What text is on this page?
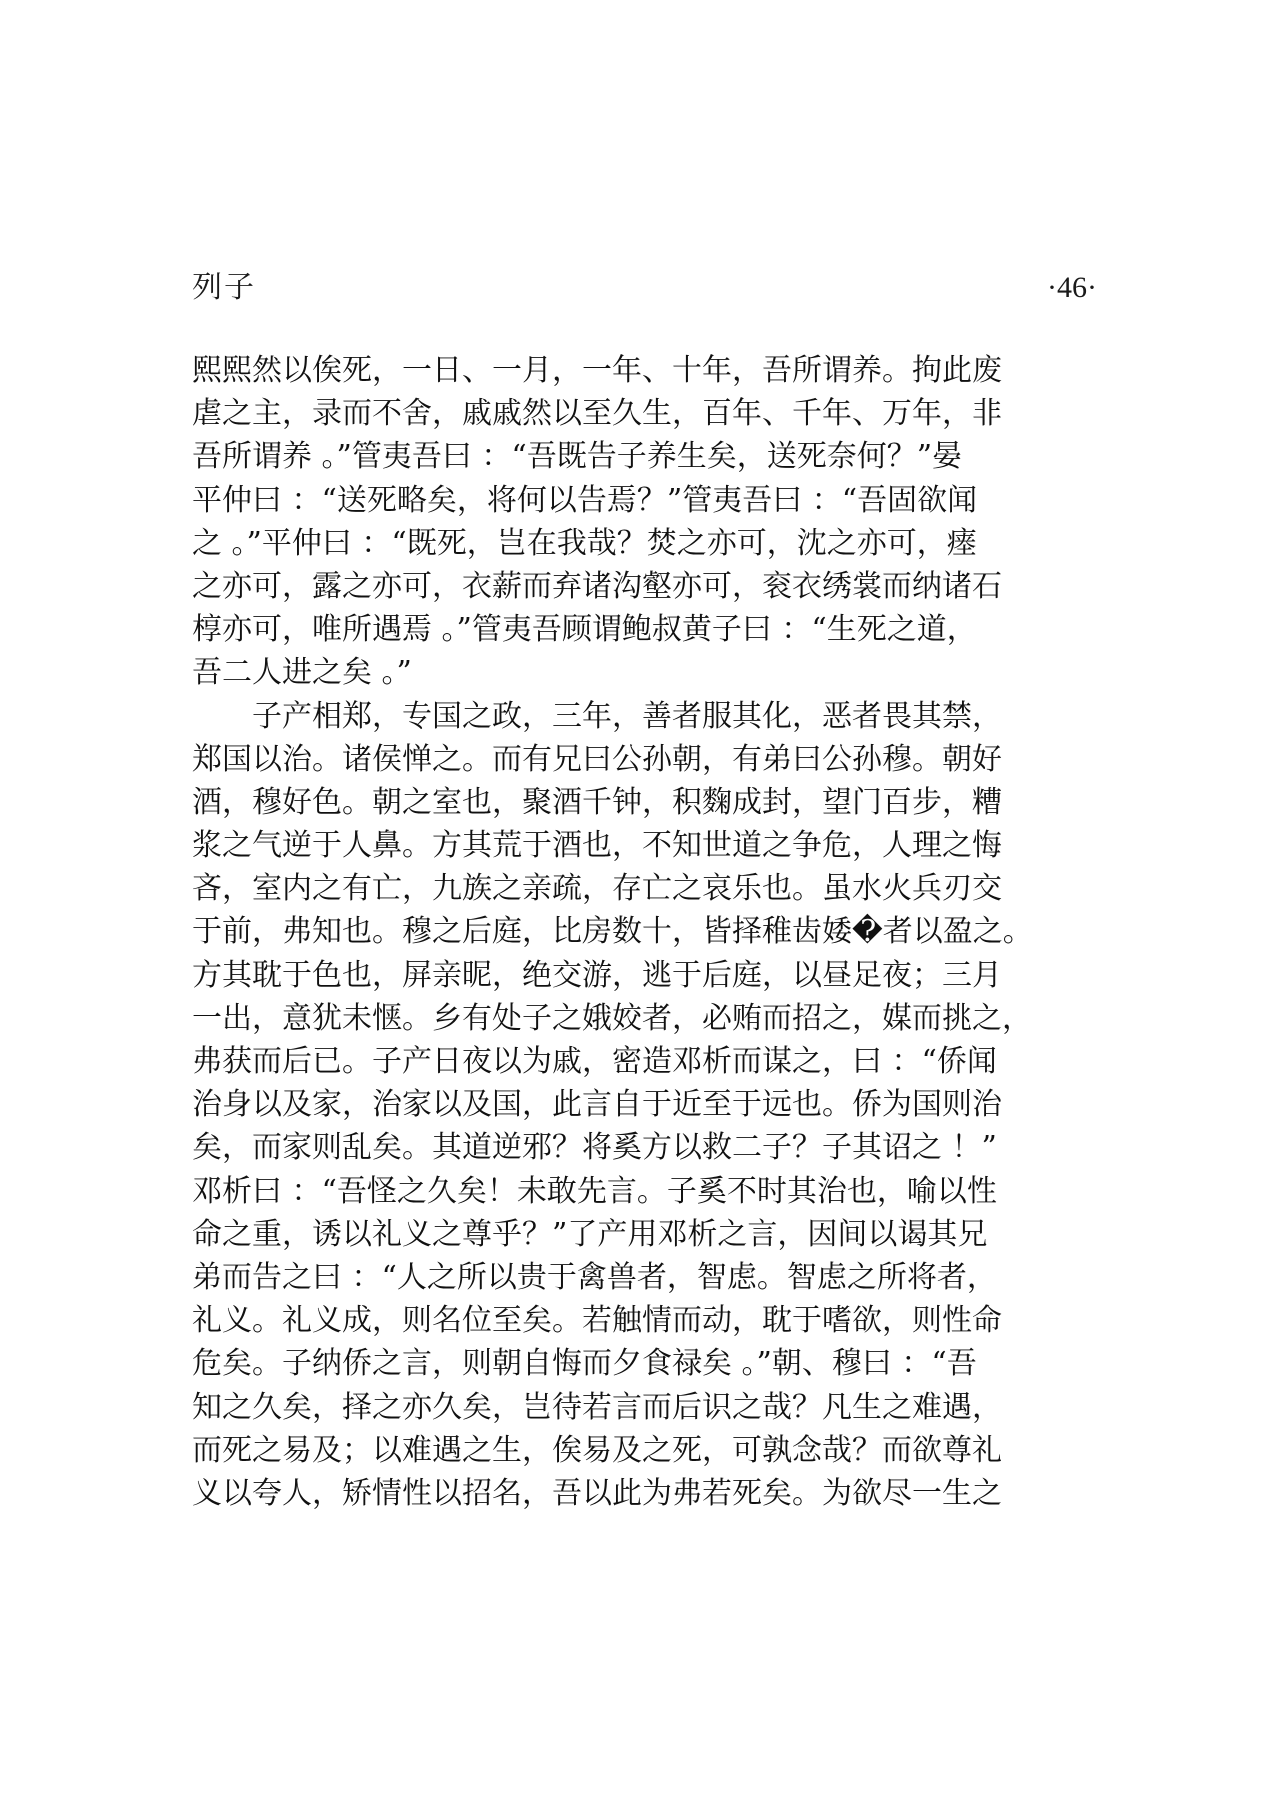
列子	·46·
熙熙然以俟死，一日、一月，一年、十年，吾所谓养。拘此废
虐之主，录而不舍，戚戚然以至久生，百年、千年、万年，非
吾所谓养 。”管夷吾曰 ：“吾既告子养生矣，送死奈何？”晏
平仲曰 ：“送死略矣，将何以告焉？”管夷吾曰 ：“吾固欲闻
之 。”平仲曰 ：“既死，岂在我哉？焚之亦可，沈之亦可，瘗
之亦可，露之亦可，衣薪而弃诸沟壑亦可，衮衣绣裳而纳诸石
椁亦可，唯所遇焉 。”管夷吾顾谓鲍叔黄子曰 ：“生死之道，
吾二人进之矣 。”
子产相郑，专国之政，三年，善者服其化，恶者畏其禁，
郑国以治。诸侯惮之。而有兄曰公孙朝，有弟曰公孙穆。朝好
酒，穆好色。朝之室也，聚酒千钟，积麴成封，望门百步，糟
浆之气逆于人鼻。方其荒于酒也，不知世道之争危，人理之悔
吝，室内之有亡，九族之亲疏，存亡之哀乐也。虽水火兵刃交
于前，弗知也。穆之后庭，比房数十，皆择稚齿婑�者以盈之。
方其耽于色也，屏亲昵，绝交游，逃于后庭，以昼足夜；三月
一出，意犹未惬。乡有处子之娥姣者，必贿而招之，媒而挑之，
弗获而后已。子产日夜以为戚，密造邓析而谋之，曰 ：“侨闻
治身以及家，治家以及国，此言自于近至于远也。侨为国则治
矣，而家则乱矣。其道逆邪？将奚方以救二子？子其诏之 ！”
邓析曰 ：“吾怪之久矣！未敢先言。子奚不时其治也，喻以性
命之重，诱以礼义之尊乎？”了产用邓析之言，因间以谒其兄
弟而告之曰 ：“人之所以贵于禽兽者，智虑。智虑之所将者，
礼义。礼义成，则名位至矣。若触情而动，耽于嗜欲，则性命
危矣。子纳侨之言，则朝自悔而夕食禄矣 。”朝、穆曰 ：“吾
知之久矣，择之亦久矣，岂待若言而后识之哉？凡生之难遇，
而死之易及；以难遇之生，俟易及之死，可孰念哉？而欲尊礼
义以夸人，矫情性以招名，吾以此为弗若死矣。为欲尽一生之
